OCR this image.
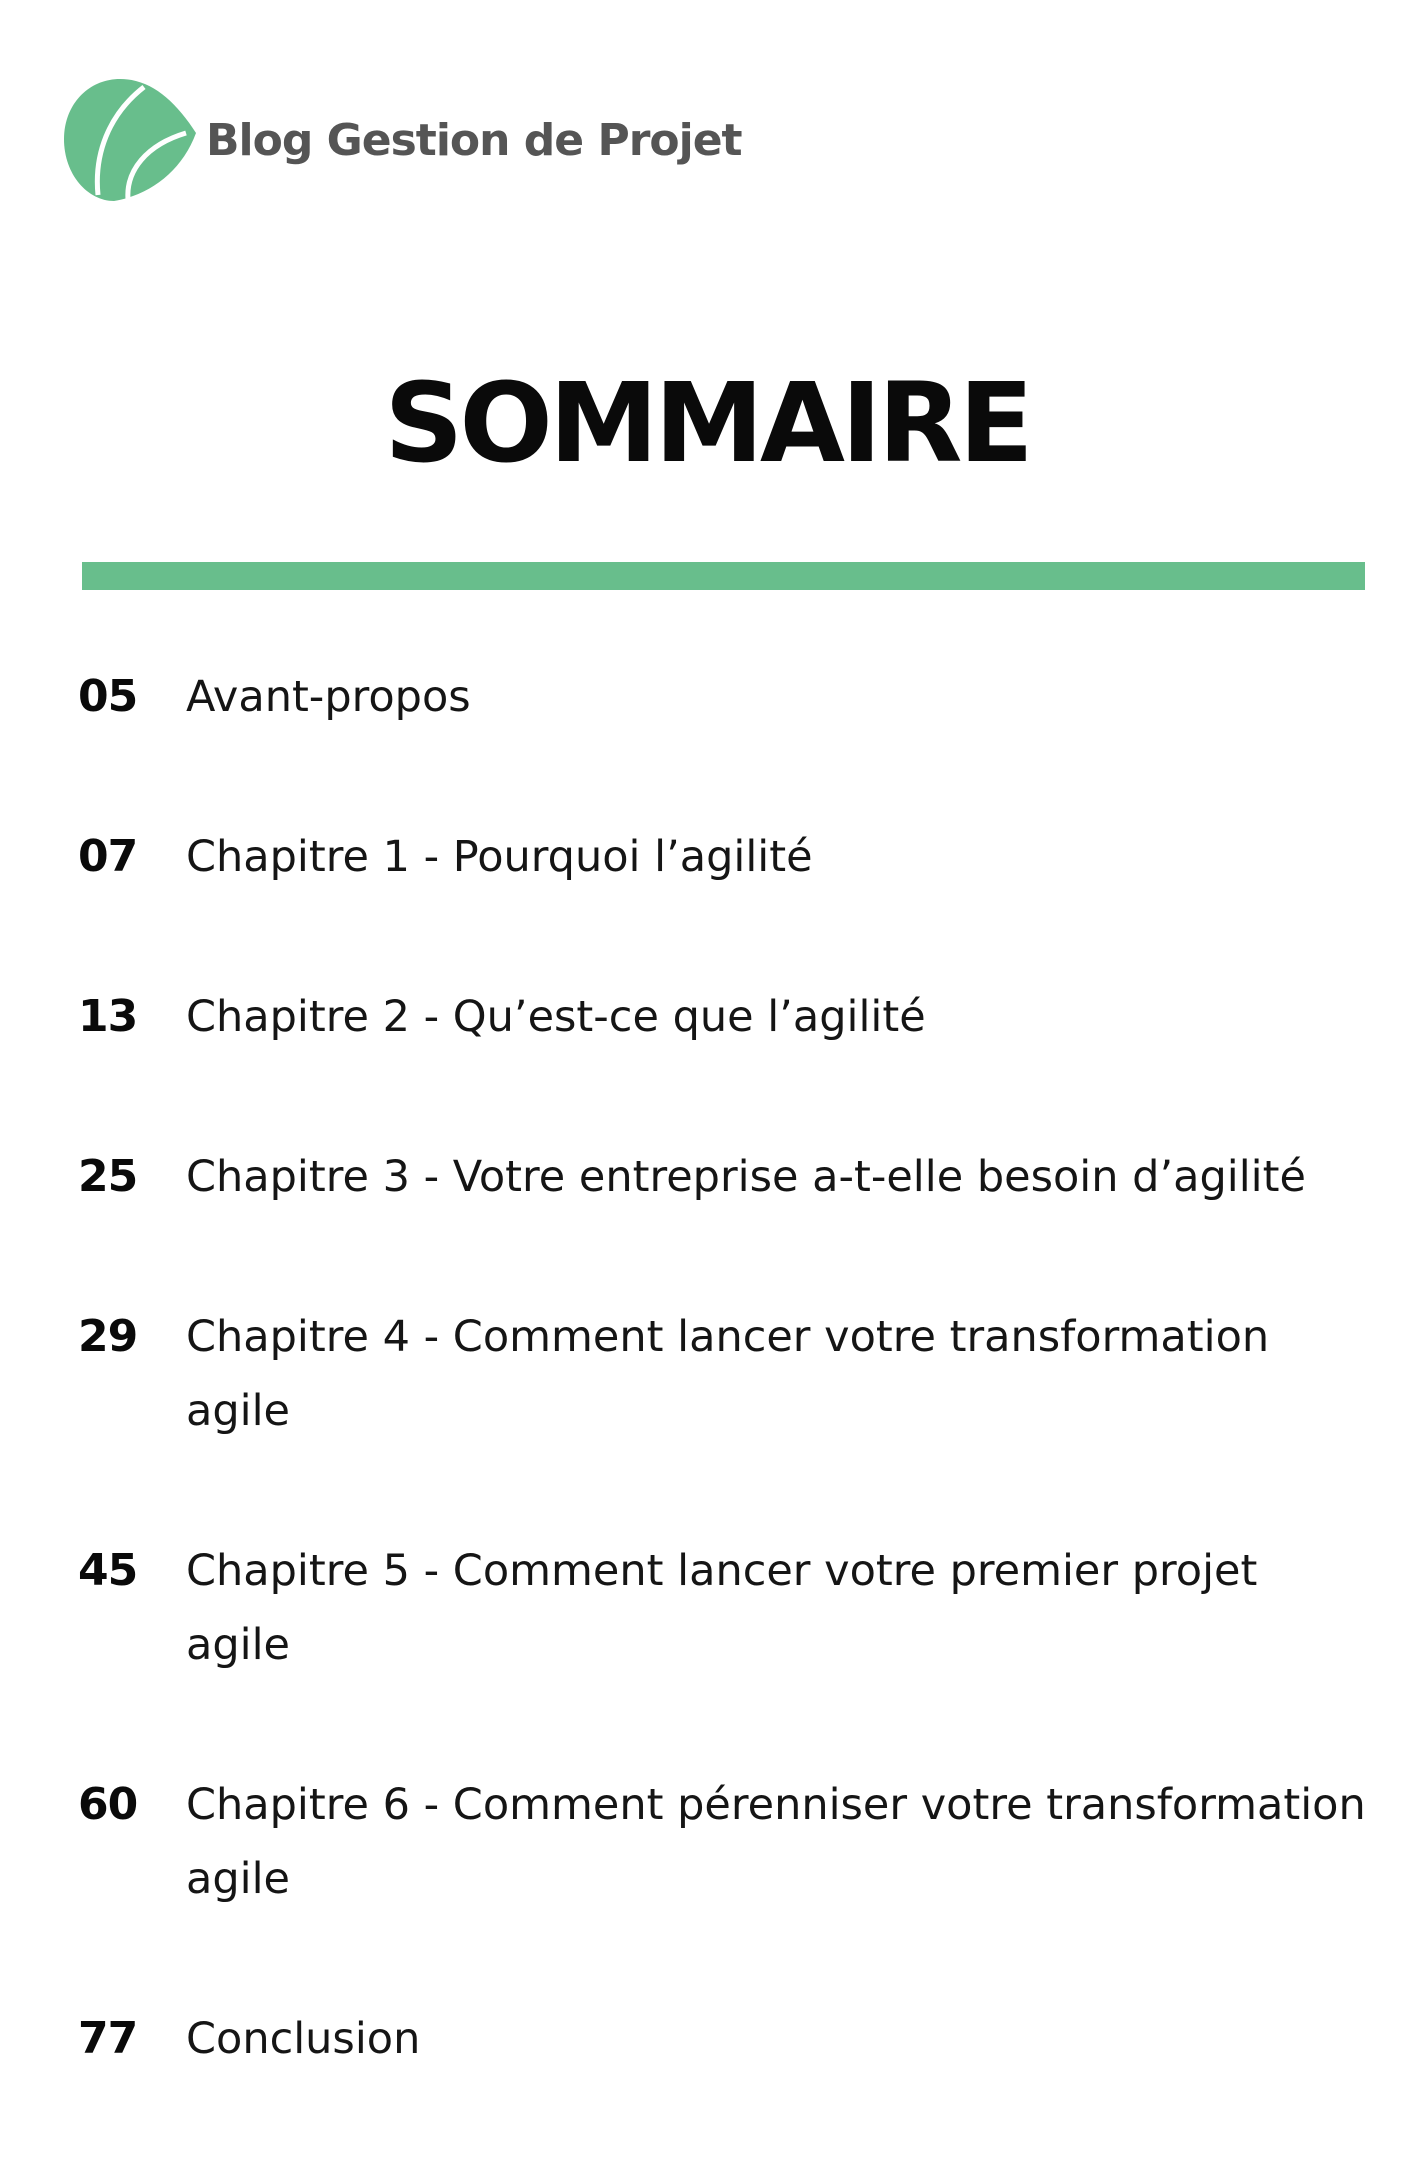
Blog Gestion de Projet
SOMMAIRE
05	Avant-propos
07	Chapitre 1 - Pourquoi l’agilité
13	Chapitre 2 - Qu’est-ce que l’agilité
25	Chapitre 3 - Votre entreprise a-t-elle besoin d’agilité
29	Chapitre 4 - Comment lancer votre transformation agile
45	Chapitre 5 - Comment lancer votre premier projet agile
60	Chapitre 6 - Comment pérenniser votre transformation agile
77	Conclusion
